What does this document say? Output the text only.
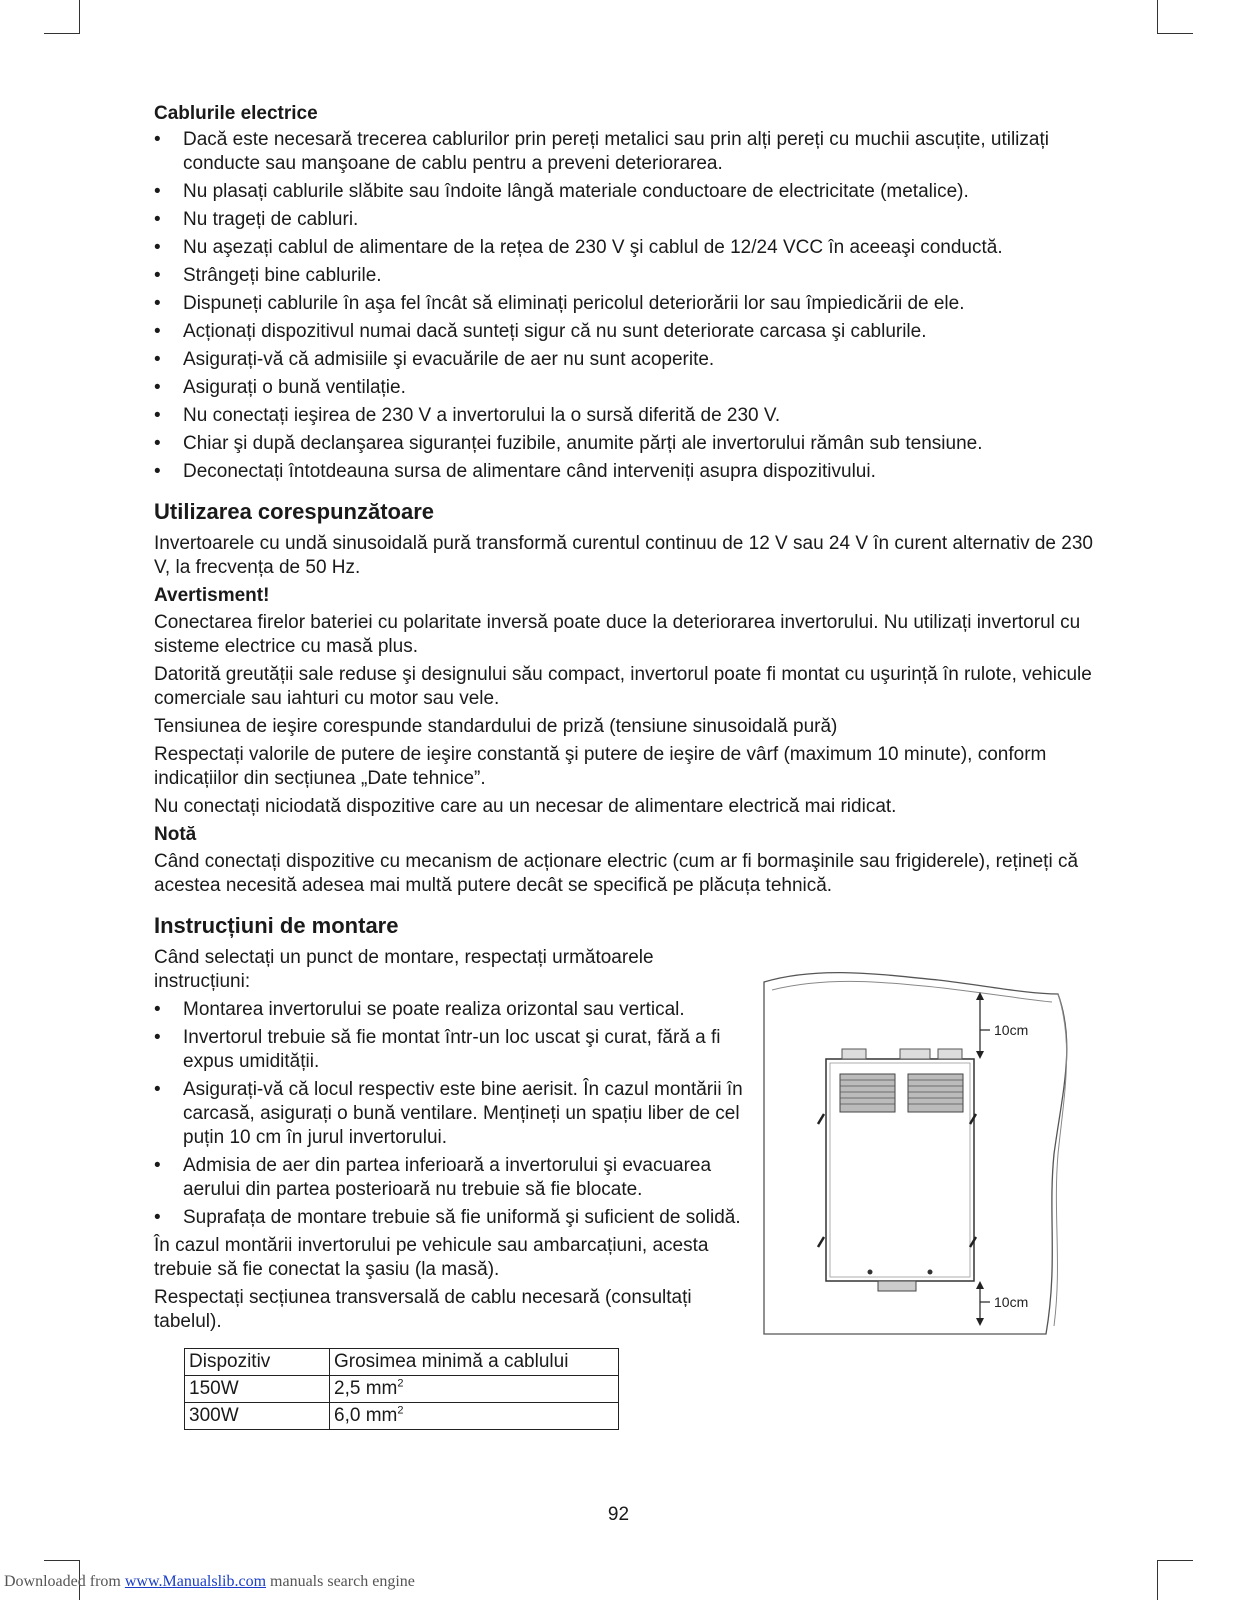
Cablurile electrice
• Dacă este necesară trecerea cablurilor prin pereți metalici sau prin alți pereți cu muchii ascuțite, utilizați conducte sau manşoane de cablu pentru a preveni deteriorarea.
• Nu plasați cablurile slăbite sau îndoite lângă materiale conductoare de electricitate (metalice).
• Nu trageți de cabluri.
• Nu aşezați cablul de alimentare de la rețea de 230 V şi cablul de 12/24 VCC în aceeaşi conductă.
• Strângeți bine cablurile.
• Dispuneți cablurile în aşa fel încât să eliminați pericolul deteriorării lor sau împiedicării de ele.
• Acționați dispozitivul numai dacă sunteți sigur că nu sunt deteriorate carcasa şi cablurile.
• Asigurați-vă că admisiile şi evacuările de aer nu sunt acoperite.
• Asigurați o bună ventilație.
• Nu conectați ieşirea de 230 V a invertorului la o sursă diferită de 230 V.
• Chiar şi după declanşarea siguranței fuzibile, anumite părți ale invertorului rămân sub tensiune.
• Deconectați întotdeauna sursa de alimentare când interveniți asupra dispozitivului.
Utilizarea corespunzătoare

Invertoarele cu undă sinusoidală pură transformă curentul continuu de 12 V sau 24 V în curent alternativ de 230 V, la frecvența de 50 Hz.

Avertisment!

Conectarea firelor bateriei cu polaritate inversă poate duce la deteriorarea invertorului. Nu utilizați invertorul cu sisteme electrice cu masă plus.

Datorită greutății sale reduse şi designului său compact, invertorul poate fi montat cu uşurință în rulote, vehicule comerciale sau iahturi cu motor sau vele.

Tensiunea de ieşire corespunde standardului de priză (tensiune sinusoidală pură)

Respectați valorile de putere de ieşire constantă şi putere de ieşire de vârf (maximum 10 minute), conform indicațiilor din secțiunea „Date tehnice”.

Nu conectați niciodată dispozitive care au un necesar de alimentare electrică mai ridicat.

Notă

Când conectați dispozitive cu mecanism de acționare electric (cum ar fi bormaşinile sau frigiderele), rețineți că acestea necesită adesea mai multă putere decât se specifică pe plăcuța tehnică.

Instrucțiuni de montare

Când selectați un punct de montare, respectați următoarele instrucțiuni:

• Montarea invertorului se poate realiza orizontal sau vertical.
• Invertorul trebuie să fie montat într-un loc uscat şi curat, fără a fi expus umidității.
• Asigurați-vă că locul respectiv este bine aerisit. În cazul montării în carcasă, asigurați o bună ventilare. Mențineți un spațiu liber de cel puțin 10 cm în jurul invertorului.
• Admisia de aer din partea inferioară a invertorului şi evacuarea aerului din partea posterioară nu trebuie să fie blocate.
• Suprafața de montare trebuie să fie uniformă şi suficient de solidă.

În cazul montării invertorului pe vehicule sau ambarcațiuni, acesta trebuie să fie conectat la şasiu (la masă).

Respectați secțiunea transversală de cablu necesară (consultați tabelul).

Dispozitiv	Grosimea minimă a cablului
150W	2,5 $mm^2$
300W	6,0 $mm^2$
10cm
10cm
92
Downloaded from www.Manualslib.com manuals search engine
